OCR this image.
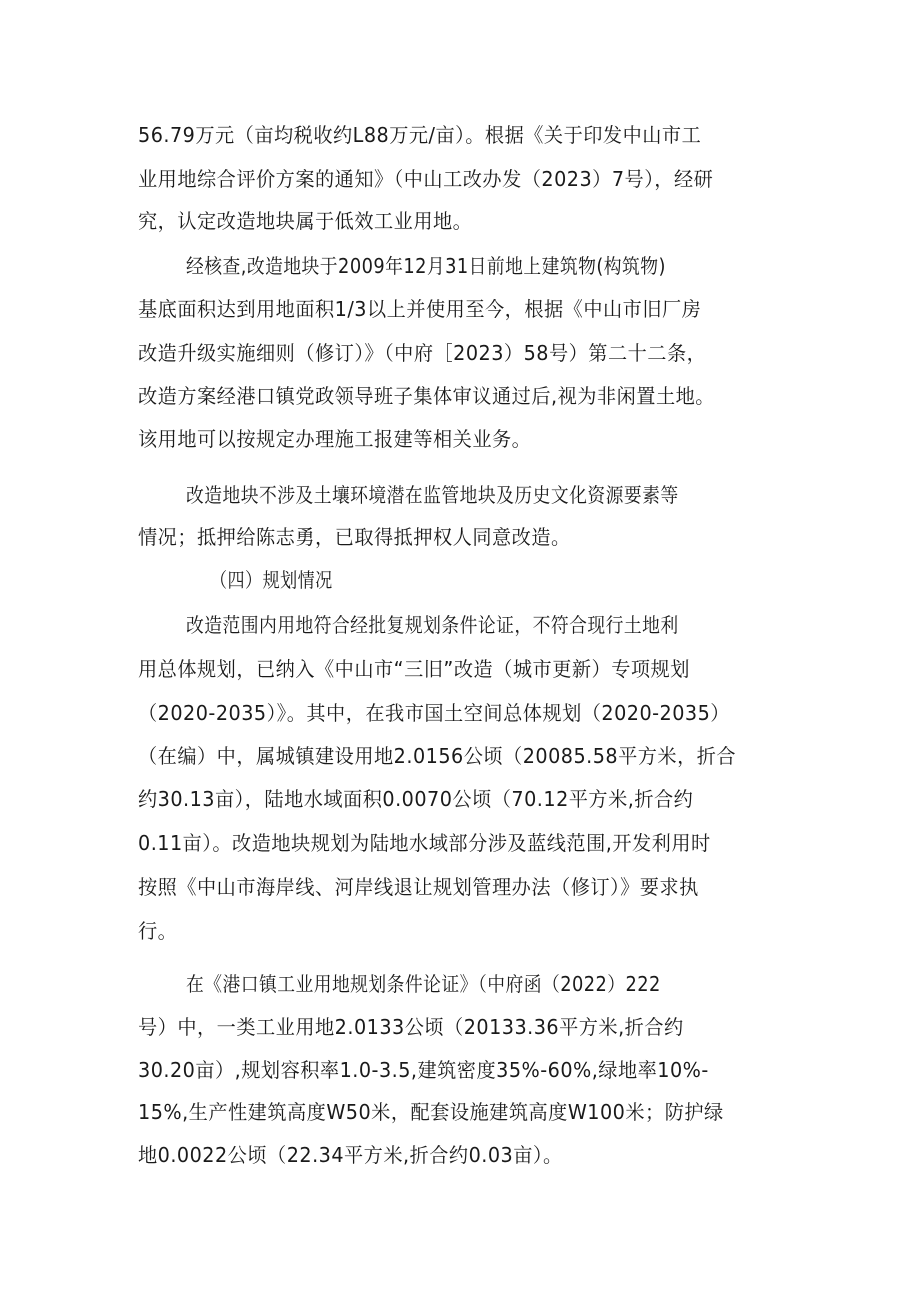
56.79万元（亩均税收约L88万元/亩）。根据《关于印发中山市工
业用地综合评价方案的通知》（中山工改办发（2023）7号），经研
究，认定改造地块属于低效工业用地。
经核查,改造地块于2009年12月31日前地上建筑物(构筑物)
基底面积达到用地面积1/3以上并使用至今，根据《中山市旧厂房
改造升级实施细则（修订）》（中府［2023）58号）第二十二条，
改造方案经港口镇党政领导班子集体审议通过后,视为非闲置土地。
该用地可以按规定办理施工报建等相关业务。
改造地块不涉及土壤环境潜在监管地块及历史文化资源要素等
情况；抵押给陈志勇，已取得抵押权人同意改造。
（四）规划情况
改造范围内用地符合经批复规划条件论证，不符合现行土地利
用总体规划，已纳入《中山市“三旧”改造（城市更新）专项规划
（2020-2035）》。其中，在我市国土空间总体规划（2020-2035）
（在编）中，属城镇建设用地2.0156公顷（20085.58平方米，折合
约30.13亩），陆地水域面积0.0070公顷（70.12平方米,折合约
0.11亩）。改造地块规划为陆地水域部分涉及蓝线范围,开发利用时
按照《中山市海岸线、河岸线退让规划管理办法（修订）》要求执
行。
在《港口镇工业用地规划条件论证》（中府函（2022）222
号）中，一类工业用地2.0133公顷（20133.36平方米,折合约
30.20亩）,规划容积率1.0-3.5,建筑密度35%-60%,绿地率10%-
15%,生产性建筑高度W50米，配套设施建筑高度W100米；防护绿
地0.0022公顷（22.34平方米,折合约0.03亩）。
